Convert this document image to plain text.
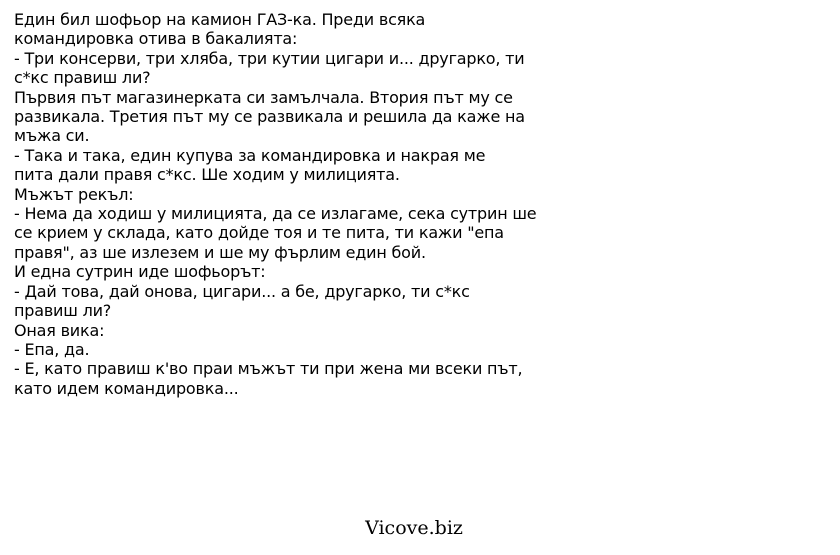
Един бил шофьор на камион ГАЗ-ка. Преди всяка
командировка отива в бакалията:
- Три консерви, три хляба, три кутии цигари и... другарко, ти
с*кс правиш ли?
Първия път магазинерката си замълчала. Втория път му се
развикала. Третия път му се развикала и решила да каже на
мъжа си.
- Така и така, един купува за командировка и накрая ме
пита дали правя с*кс. Ше ходим у милицията.
Мъжът рекъл:
- Нема да ходиш у милицията, да се излагаме, сека сутрин ше
се крием у склада, като дойде тоя и те пита, ти кажи "епа
правя", аз ше излезем и ше му фърлим един бой.
И една сутрин иде шофьорът:
- Дай това, дай онова, цигари... а бе, другарко, ти с*кс
правиш ли?
Оная вика:
- Епа, да.
- Е, като правиш к'во праи мъжът ти при жена ми всеки път,
като идем командировка...
Vicove.biz
